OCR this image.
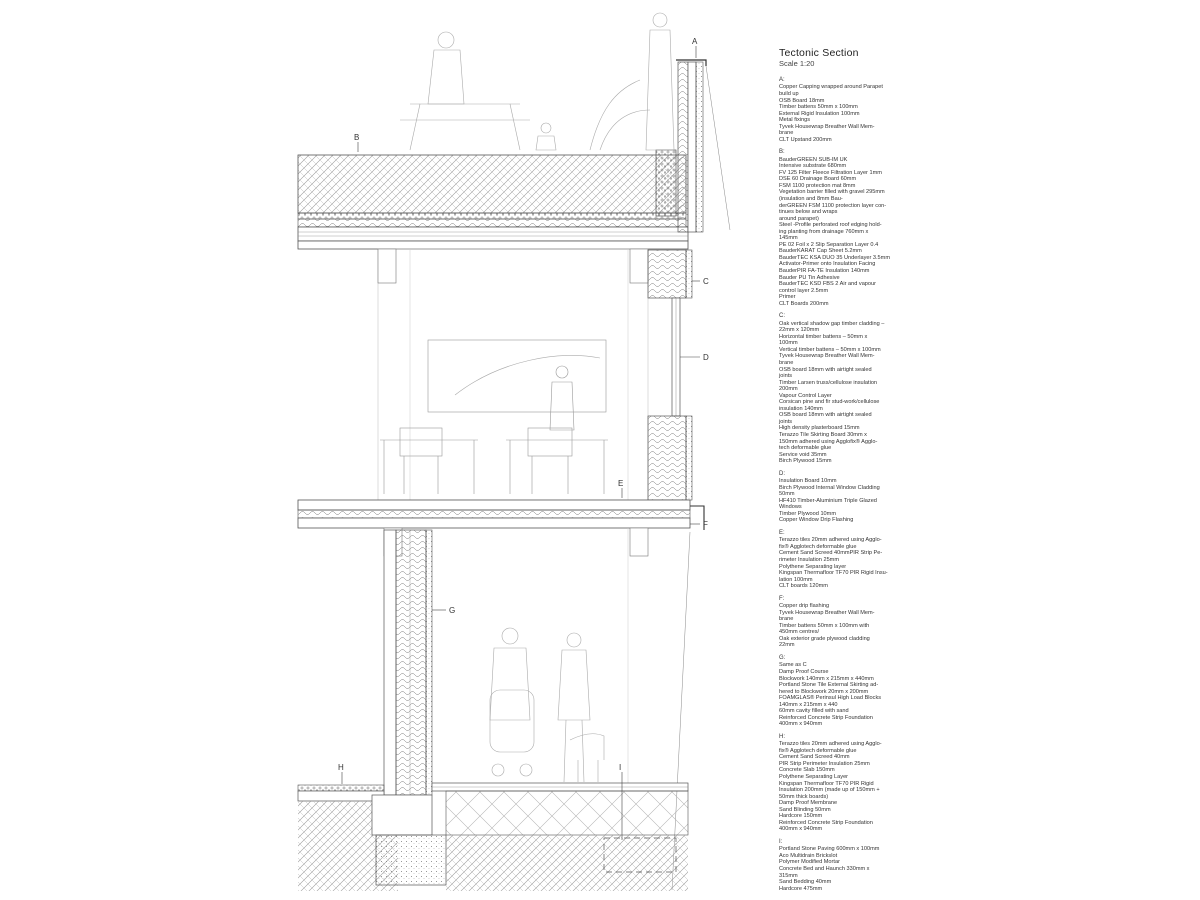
A
B
C
D
E
F
G
H	I
Tectonic Section
Scale 1:20
A:
Copper Capping wrapped around Parapet
build up
OSB Board 18mm
Timber battens 50mm x 100mm
External Rigid Insulation 100mm
Metal fixings
Tyvek Housewrap Breather Wall Mem-
brane
CLT Upstand 200mm
B:
BauderGREEN SUB-IM UK
Intensive substrate 680mm
FV 125 Filter Fleece Filtration Layer 1mm
DSE 60 Drainage Board 60mm
FSM 1100 protection mat 8mm
Vegetation barrier filled with gravel 295mm
(insulation and 8mm Bau-
derGREEN FSM 1100 protection layer con-
tinues below and wraps
around parapet)
Steel -Profile perforated roof edging hold-
ing planting from drainage 760mm x
145mm
PE 02 Foil x 2 Slip Separation Layer 0.4
BauderKARAT Cap Sheet 5.2mm
BauderTEC KSA DUO 35 Underlayer 3.5mm
Activator-Primer onto Insulation Facing
BauderPIR FA-TE Insulation 140mm
Bauder PU Tin Adhesive
BauderTEC KSD FBS 2 Air and vapour
control layer 2.5mm
Primer
CLT Boards 200mm
C:
Oak vertical shadow gap timber cladding –
22mm x 120mm
Horizontal timber battens – 50mm x
100mm
Vertical timber battens – 50mm x 100mm
Tyvek Housewrap Breather Wall Mem-
brane
OSB board 18mm with airtight sealed
joints
Timber Larsen truss/cellulose insulation
200mm
Vapour Control Layer
Corsican pine and fir stud-work/cellulose
insulation 140mm
OSB board 18mm with airtight sealed
joints
High density plasterboard 15mm
Terazzo Tile Skirting Board 30mm x
150mm adhered using Agglofix® Agglo-
tech deformable glue
Service void 35mm
Birch Plywood 15mm
D:
Insulation Board 10mm
Birch Plywood Internal Window Cladding
50mm
HF410 Timber-Aluminium Triple Glazed
Windows
Timber Plywood 10mm
Copper Window Drip Flashing
E:
Terazzo tiles 20mm adhered using Agglo-
fix® Agglotech deformable glue
Cement Sand Screed 40mmPIR Strip Pe-
rimeter Insulation 25mm
Polythene Separating layer
Kingspan Thermafloor TF70 PIR Rigid Insu-
lation 100mm
CLT boards 120mm
F:
Copper drip flashing
Tyvek Housewrap Breather Wall Mem-
brane
Timber battens 50mm x 100mm with
450mm centres/
Oak exterior grade plywood cladding
22mm
G:
Same as C
Damp Proof Course
Blockwork 140mm x 215mm x 440mm
Portland Stone Tile External Skirting ad-
hered to Blockwork 20mm x 200mm
FOAMGLAS® Perinsul High Load Blocks
140mm x 215mm x 440
60mm cavity filled with sand
Reinforced Concrete Strip Foundation
400mm x 940mm
H:
Terazzo tiles 20mm adhered using Agglo-
fix® Agglotech deformable glue
Cement Sand Screed 40mm
PIR Strip Perimeter Insulation 25mm
Concrete Slab 150mm
Polythene Separating Layer
Kingspan Thermafloor TF70 PIR Rigid
Insulation 200mm (made up of 150mm +
50mm thick boards)
Damp Proof Membrane
Sand Blinding 50mm
Hardcore 150mm
Reinforced Concrete Strip Foundation
400mm x 940mm
I:
Portland Stone Paving 600mm x 100mm
Aco Multidrain Brickslot
Polymer Modified Mortar
Concrete Bed and Haunch 330mm x
315mm
Sand Bedding 40mm
Hardcore 475mm
